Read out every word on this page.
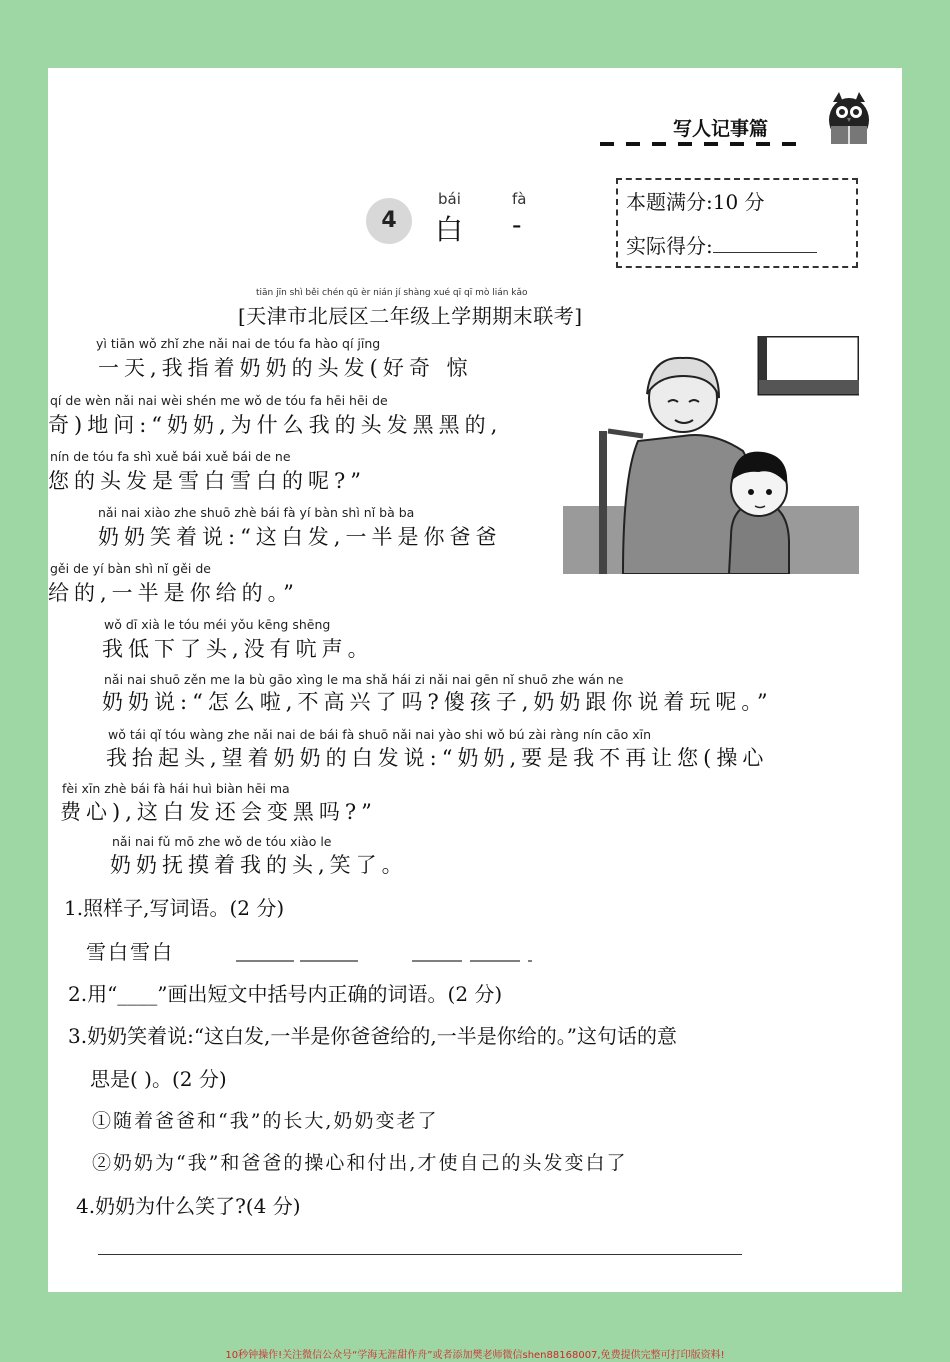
写人记事篇
4
bái	fà
白 -
本题满分:10 分
实际得分:
tiān jīn shì běi chén qū èr nián jí shàng xué qī qī mò lián kǎo
[天津市北辰区二年级上学期期末联考]
yì tiān wǒ zhǐ zhe nǎi nai de tóu fa hào qí jīng
一天,我指着奶奶的头发(好奇 惊
qí de wèn nǎi nai wèi shén me wǒ de tóu fa hēi hēi de
奇)地问:“奶奶,为什么我的头发黑黑的,
nín de tóu fa shì xuě bái xuě bái de ne
您的头发是雪白雪白的呢?”
nǎi nai xiào zhe shuō zhè bái fà yí bàn shì nǐ bà ba
奶奶笑着说:“这白发,一半是你爸爸
gěi de yí bàn shì nǐ gěi de
给的,一半是你给的。”
wǒ dī xià le tóu méi yǒu kēng shēng
我低下了头,没有吭声。
nǎi nai shuō zěn me la bù gāo xìng le ma shǎ hái zi nǎi nai gēn nǐ shuō zhe wán ne
奶奶说:“怎么啦,不高兴了吗?傻孩子,奶奶跟你说着玩呢。”
wǒ tái qǐ tóu wàng zhe nǎi nai de bái fà shuō nǎi nai yào shi wǒ bú zài ràng nín cāo xīn
我抬起头,望着奶奶的白发说:“奶奶,要是我不再让您(操心
fèi xīn zhè bái fà hái huì biàn hēi ma
费心),这白发还会变黑吗?”
nǎi nai fǔ mō zhe wǒ de tóu xiào le
奶奶抚摸着我的头,笑了。
1.照样子,写词语。(2 分)
雪白雪白
2.用“____”画出短文中括号内正确的词语。(2 分)
3.奶奶笑着说:“这白发,一半是你爸爸给的,一半是你给的。”这句话的意
思是( )。(2 分)
①随着爸爸和“我”的长大,奶奶变老了
②奶奶为“我”和爸爸的操心和付出,才使自己的头发变白了
4.奶奶为什么笑了?(4 分)
10秒钟操作!关注微信公众号“学海无涯甜作舟”或者添加樊老师微信shen88168007,免费提供完整可打印版资料!
